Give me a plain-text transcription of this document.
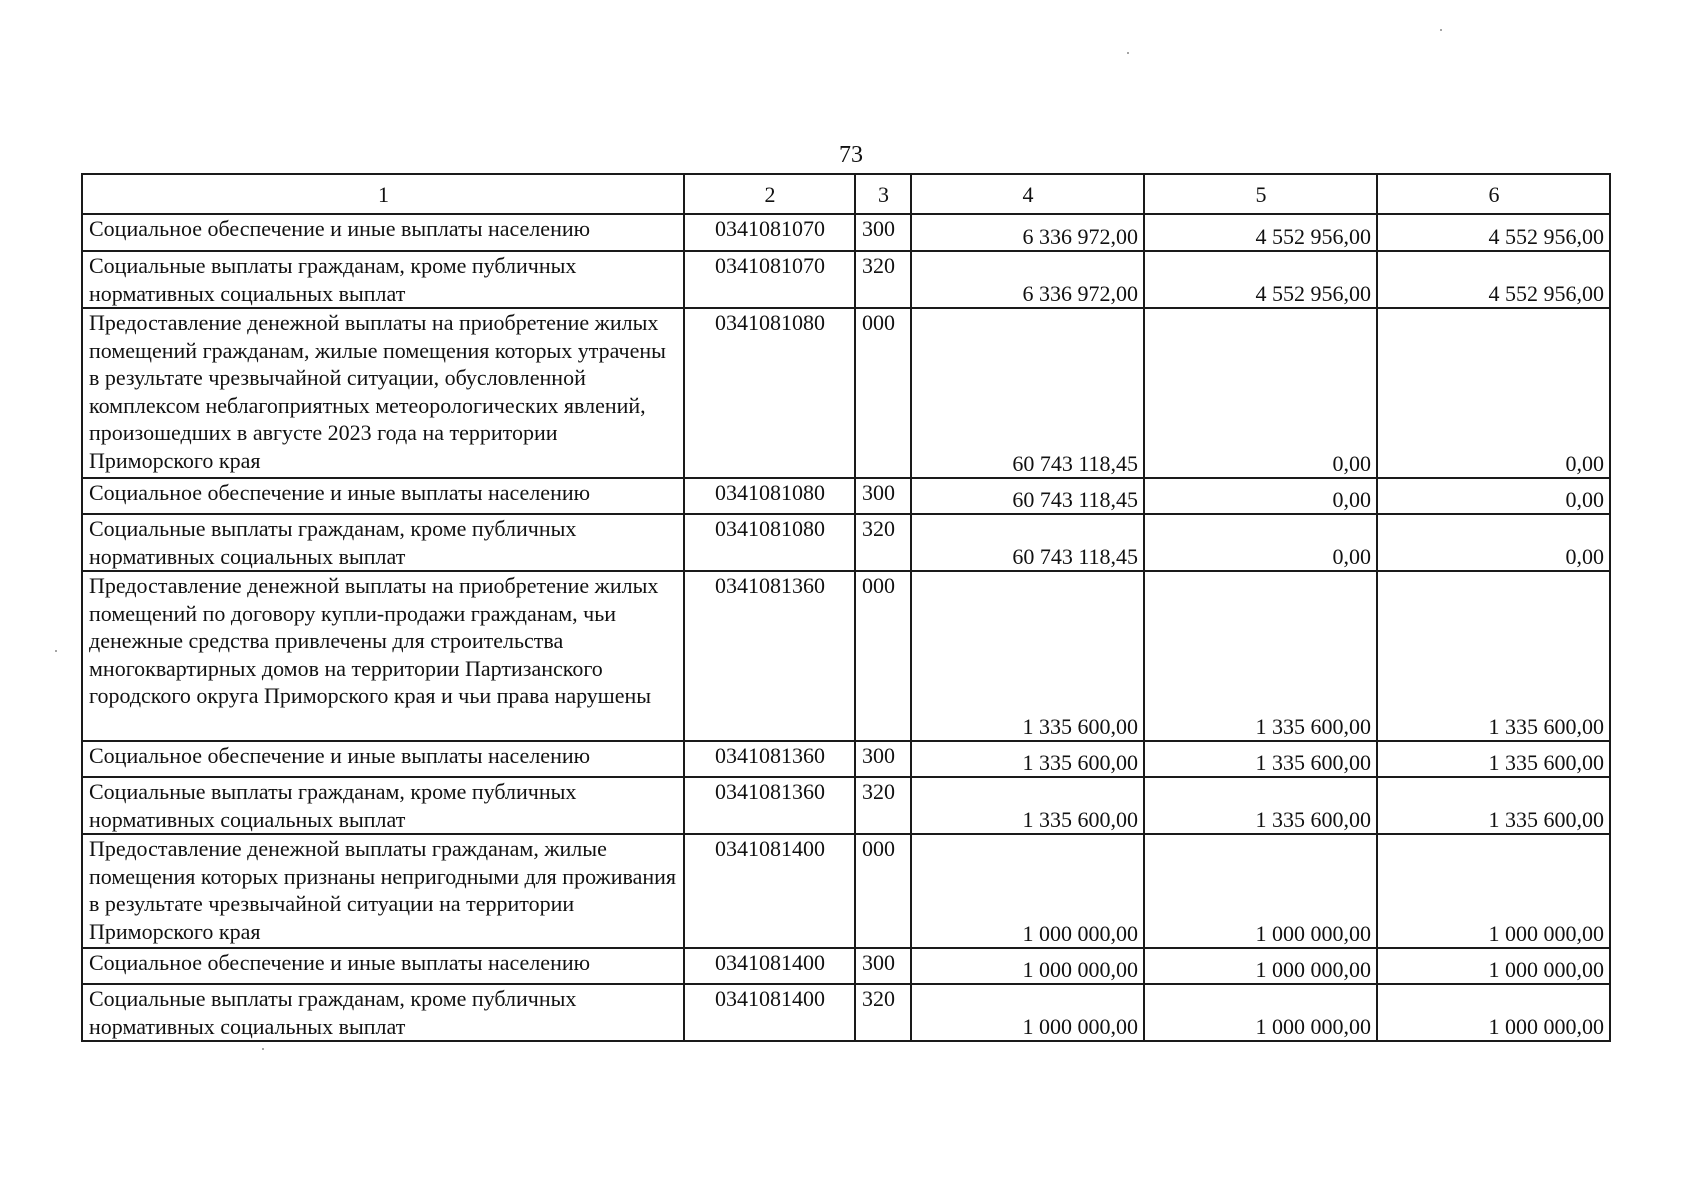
73
1	2	3	4	5	6
Социальное обеспечение и иные выплаты населению	0341081070	300	6 336 972,00	4 552 956,00	4 552 956,00
Социальные выплаты гражданам, кроме публичных нормативных социальных выплат	0341081070	320	6 336 972,00	4 552 956,00	4 552 956,00
Предоставление денежной выплаты на приобретение жилых помещений гражданам, жилые помещения которых утрачены в результате чрезвычайной ситуации, обусловленной комплексом неблагоприятных метеорологических явлений, произошедших в августе 2023 года на территории Приморского края	0341081080	000	60 743 118,45	0,00	0,00
Социальное обеспечение и иные выплаты населению	0341081080	300	60 743 118,45	0,00	0,00
Социальные выплаты гражданам, кроме публичных нормативных социальных выплат	0341081080	320	60 743 118,45	0,00	0,00
Предоставление денежной выплаты на приобретение жилых помещений по договору купли-продажи гражданам, чьи денежные средства привлечены для строительства многоквартирных домов на территории Партизанского городского округа Приморского края и чьи права нарушены	0341081360	000	1 335 600,00	1 335 600,00	1 335 600,00
Социальное обеспечение и иные выплаты населению	0341081360	300	1 335 600,00	1 335 600,00	1 335 600,00
Социальные выплаты гражданам, кроме публичных нормативных социальных выплат	0341081360	320	1 335 600,00	1 335 600,00	1 335 600,00
Предоставление денежной выплаты гражданам, жилые помещения которых признаны непригодными для проживания в результате чрезвычайной ситуации на территории Приморского края	0341081400	000	1 000 000,00	1 000 000,00	1 000 000,00
Социальное обеспечение и иные выплаты населению	0341081400	300	1 000 000,00	1 000 000,00	1 000 000,00
Социальные выплаты гражданам, кроме публичных нормативных социальных выплат	0341081400	320	1 000 000,00	1 000 000,00	1 000 000,00
